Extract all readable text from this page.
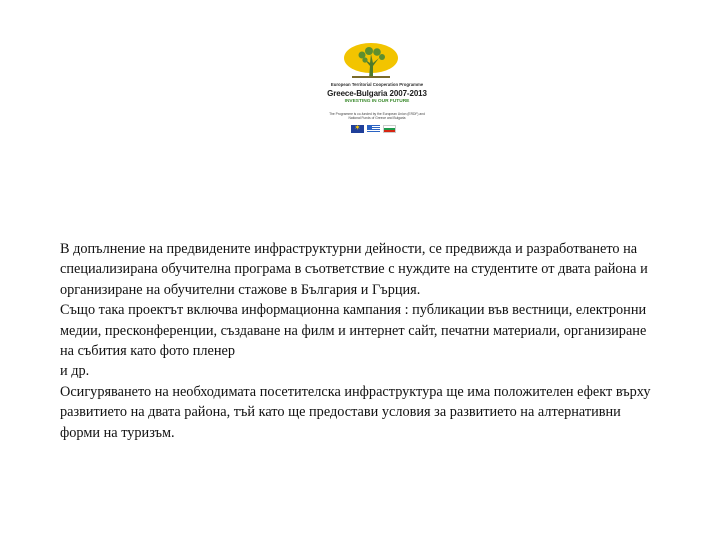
European Territorial Cooperation Programme
Greece-Bulgaria 2007-2013
INVESTING IN OUR FUTURE
The Programme is co-funded by the European Union (ERDF) and National Funds of Greece and Bulgaria
✶
В допълнение на предвидените инфраструктурни дейности, се предвижда и разработването на специализирана обучителна програма в съответствие с нуждите на студентите от двата района и организиране на обучителни стажове в България и Гърция.
Също така проектът включва информационна кампания : публикации във вестници, електронни медии, пресконференции, създаване на филм и интернет сайт, печатни материали, организиране на събития като фото пленер
и др.
Осигуряването на необходимата посетителска инфраструктура ще има положителен ефект върху развитието на двата района, тъй като ще предостави условия за развитието на алтернативни форми на туризъм.
